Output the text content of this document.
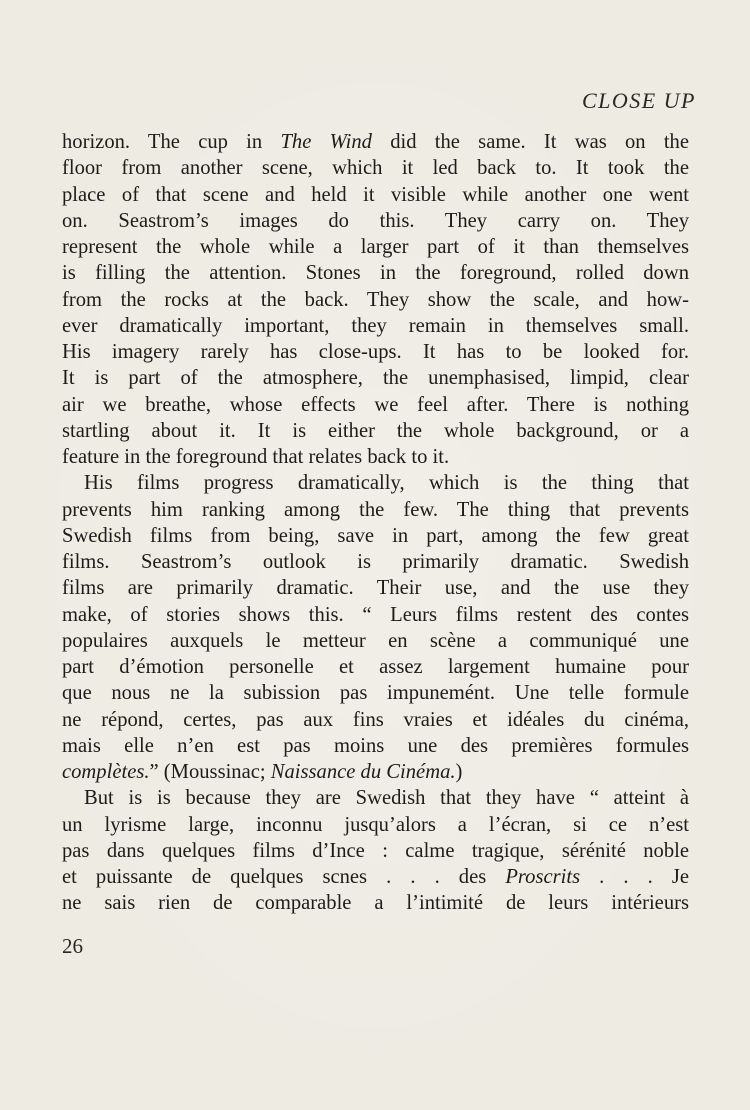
CLOSE UP
horizon. The cup in The Wind did the same. It was on the
floor from another scene, which it led back to. It took the
place of that scene and held it visible while another one went
on. Seastrom’s images do this. They carry on. They
represent the whole while a larger part of it than themselves
is filling the attention. Stones in the foreground, rolled down
from the rocks at the back. They show the scale, and how-
ever dramatically important, they remain in themselves small.
His imagery rarely has close-ups. It has to be looked for.
It is part of the atmosphere, the unemphasised, limpid, clear
air we breathe, whose effects we feel after. There is nothing
startling about it. It is either the whole background, or a
feature in the foreground that relates back to it.
His films progress dramatically, which is the thing that
prevents him ranking among the few. The thing that prevents
Swedish films from being, save in part, among the few great
films. Seastrom’s outlook is primarily dramatic. Swedish
films are primarily dramatic. Their use, and the use they
make, of stories shows this. “ Leurs films restent des contes
populaires auxquels le metteur en scène a communiqué une
part d’émotion personelle et assez largement humaine pour
que nous ne la subission pas impunemént. Une telle formule
ne répond, certes, pas aux fins vraies et idéales du cinéma,
mais elle n’en est pas moins une des premières formules
complètes.” (Moussinac; Naissance du Cinéma.)
But is is because they are Swedish that they have “ atteint à
un lyrisme large, inconnu jusqu’alors a l’écran, si ce n’est
pas dans quelques films d’Ince : calme tragique, sérénité noble
et puissante de quelques scnes . . . des Proscrits . . . Je
ne sais rien de comparable a l’intimité de leurs intérieurs
26
